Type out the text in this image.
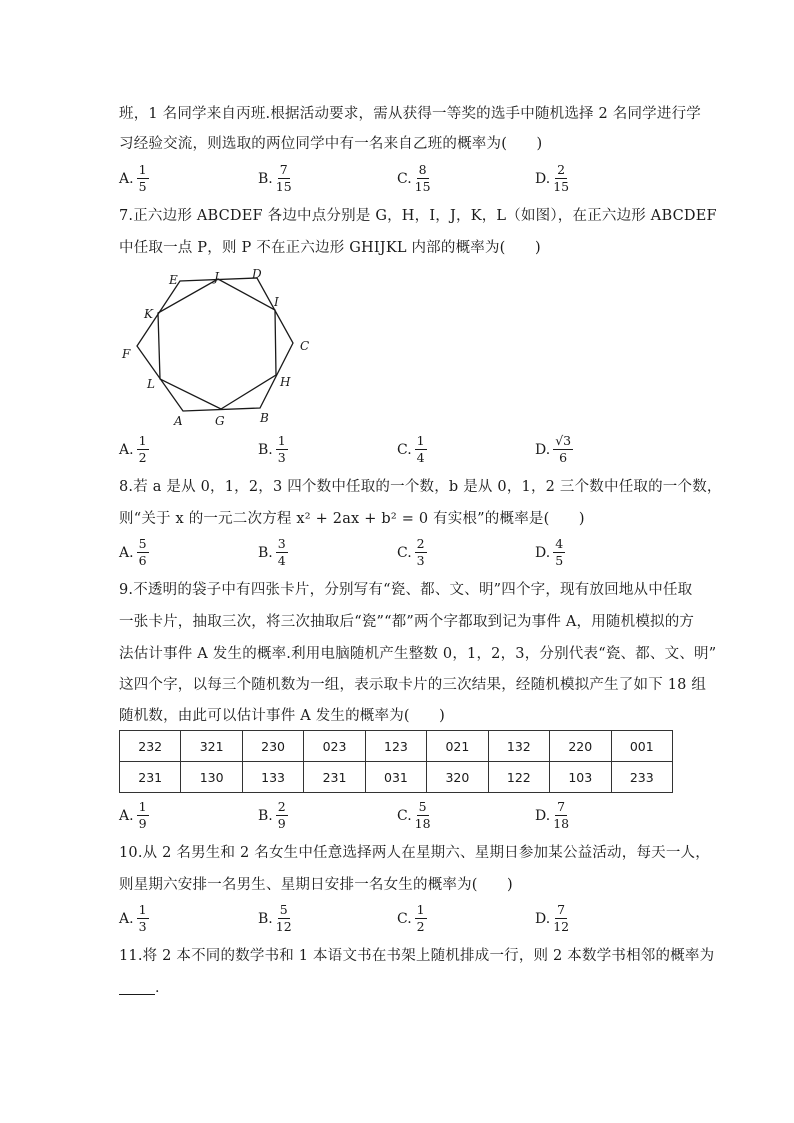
班，1 名同学来自丙班.根据活动要求，需从获得一等奖的选手中随机选择 2 名同学进行学
习经验交流，则选取的两位同学中有一名来自乙班的概率为(　　)
A. $\frac{1}{5}$	B. $\frac{7}{15}$	C. $\frac{8}{15}$	D. $\frac{2}{15}$
7.正六边形 ABCDEF 各边中点分别是 G，H，I，J，K，L（如图），在正六边形 ABCDEF
中任取一点 P，则 P 不在正六边形 GHIJKL 内部的概率为(　　)
A	B
C
D
E
F
G
H
I
J
K
L
A. $\frac{1}{2}$	B. $\frac{1}{3}$	C. $\frac{1}{4}$	D. $\frac{√3}{6}$
8.若 a 是从 0，1，2，3 四个数中任取的一个数，b 是从 0，1，2 三个数中任取的一个数，
则“关于 x 的一元二次方程 x² + 2ax + b² = 0 有实根”的概率是(　　)
A. $\frac{5}{6}$	B. $\frac{3}{4}$	C. $\frac{2}{3}$	D. $\frac{4}{5}$
9.不透明的袋子中有四张卡片，分别写有“瓷、都、文、明”四个字，现有放回地从中任取
一张卡片，抽取三次，将三次抽取后“瓷”“都”两个字都取到记为事件 A，用随机模拟的方
法估计事件 A 发生的概率.利用电脑随机产生整数 0，1，2，3，分别代表“瓷、都、文、明”
这四个字，以每三个随机数为一组，表示取卡片的三次结果，经随机模拟产生了如下 18 组
随机数，由此可以估计事件 A 发生的概率为(　　)
232	321	230	023	123	021	132	220	001
231	130	133	231	031	320	122	103	233
A. $\frac{1}{9}$	B. $\frac{2}{9}$	C. $\frac{5}{18}$	D. $\frac{7}{18}$
10.从 2 名男生和 2 名女生中任意选择两人在星期六、星期日参加某公益活动，每天一人，
则星期六安排一名男生、星期日安排一名女生的概率为(　　)
A. $\frac{1}{3}$	B. $\frac{5}{12}$	C. $\frac{1}{2}$	D. $\frac{7}{12}$
11.将 2 本不同的数学书和 1 本语文书在书架上随机排成一行，则 2 本数学书相邻的概率为
.
